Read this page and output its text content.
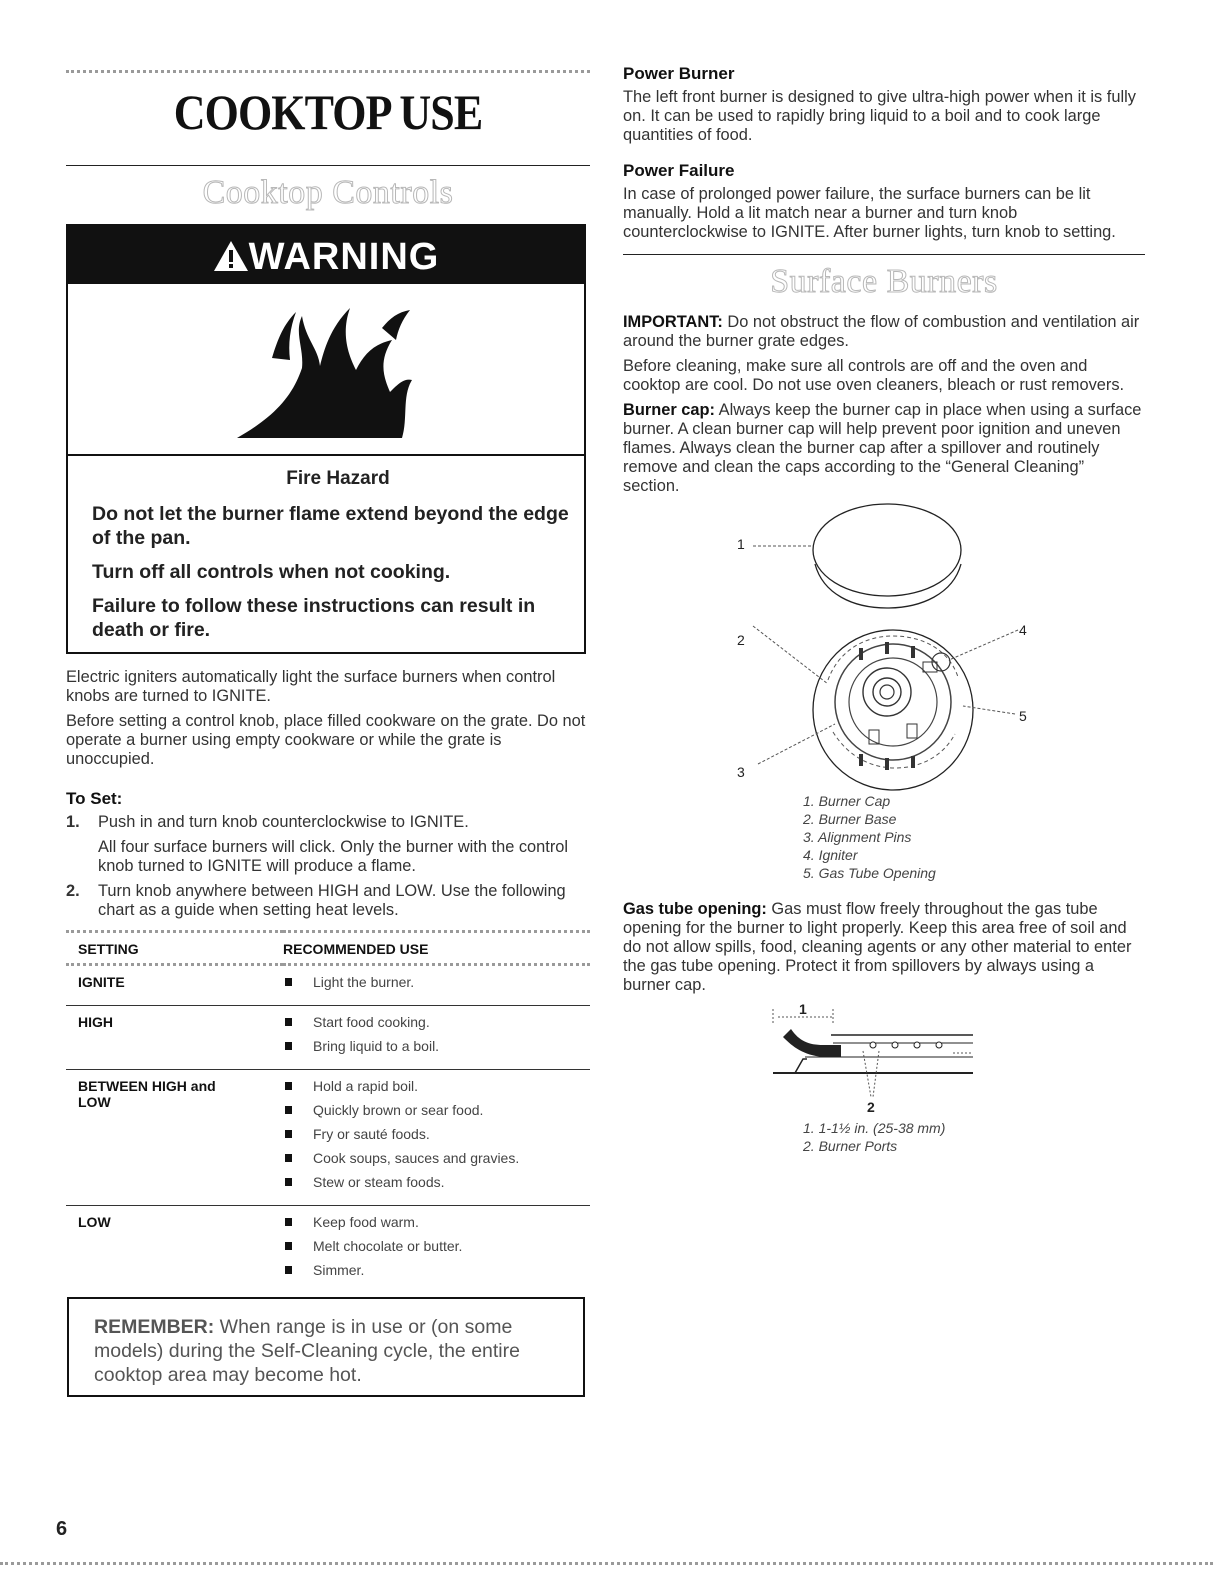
COOKTOP USE
Cooktop Controls
WARNING
Fire Hazard
Do not let the burner flame extend beyond the edge of the pan.
Turn off all controls when not cooking.
Failure to follow these instructions can result in death or fire.

Electric igniters automatically light the surface burners when control knobs are turned to IGNITE.

Before setting a control knob, place filled cookware on the grate. Do not operate a burner using empty cookware or while the grate is unoccupied.

To Set:
1. Push in and turn knob counterclockwise to IGNITE.
All four surface burners will click. Only the burner with the control knob turned to IGNITE will produce a flame.
2. Turn knob anywhere between HIGH and LOW. Use the following chart as a guide when setting heat levels.
SETTING	RECOMMENDED USE
IGNITE	Light the burner.

HIGH	Start food cooking.
Bring liquid to a boil.

BETWEEN HIGH and LOW	Hold a rapid boil.
Quickly brown or sear food.
Fry or sauté foods.
Cook soups, sauces and gravies.
Stew or steam foods.

LOW	Keep food warm.
Melt chocolate or butter.
Simmer.
REMEMBER: When range is in use or (on some models) during the Self-Cleaning cycle, the entire cooktop area may become hot.
6
Power Burner

The left front burner is designed to give ultra-high power when it is fully on. It can be used to rapidly bring liquid to a boil and to cook large quantities of food.

Power Failure

In case of prolonged power failure, the surface burners can be lit manually. Hold a lit match near a burner and turn knob counterclockwise to IGNITE. After burner lights, turn knob to setting.

Surface Burners

IMPORTANT: Do not obstruct the flow of combustion and ventilation air around the burner grate edges.

Before cleaning, make sure all controls are off and the oven and cooktop are cool. Do not use oven cleaners, bleach or rust removers.

Burner cap: Always keep the burner cap in place when using a surface burner. A clean burner cap will help prevent poor ignition and uneven flames. Always clean the burner cap after a spillover and routinely remove and clean the caps according to the “General Cleaning” section.

1
2
3
4
5
1. Burner Cap
2. Burner Base
3. Alignment Pins
4. Igniter
5. Gas Tube Opening

Gas tube opening: Gas must flow freely throughout the gas tube opening for the burner to light properly. Keep this area free of soil and do not allow spills, food, cleaning agents or any other material to enter the gas tube opening. Protect it from spillovers by always using a burner cap.

1
2
1. 1-1½ in. (25-38 mm)
2. Burner Ports
